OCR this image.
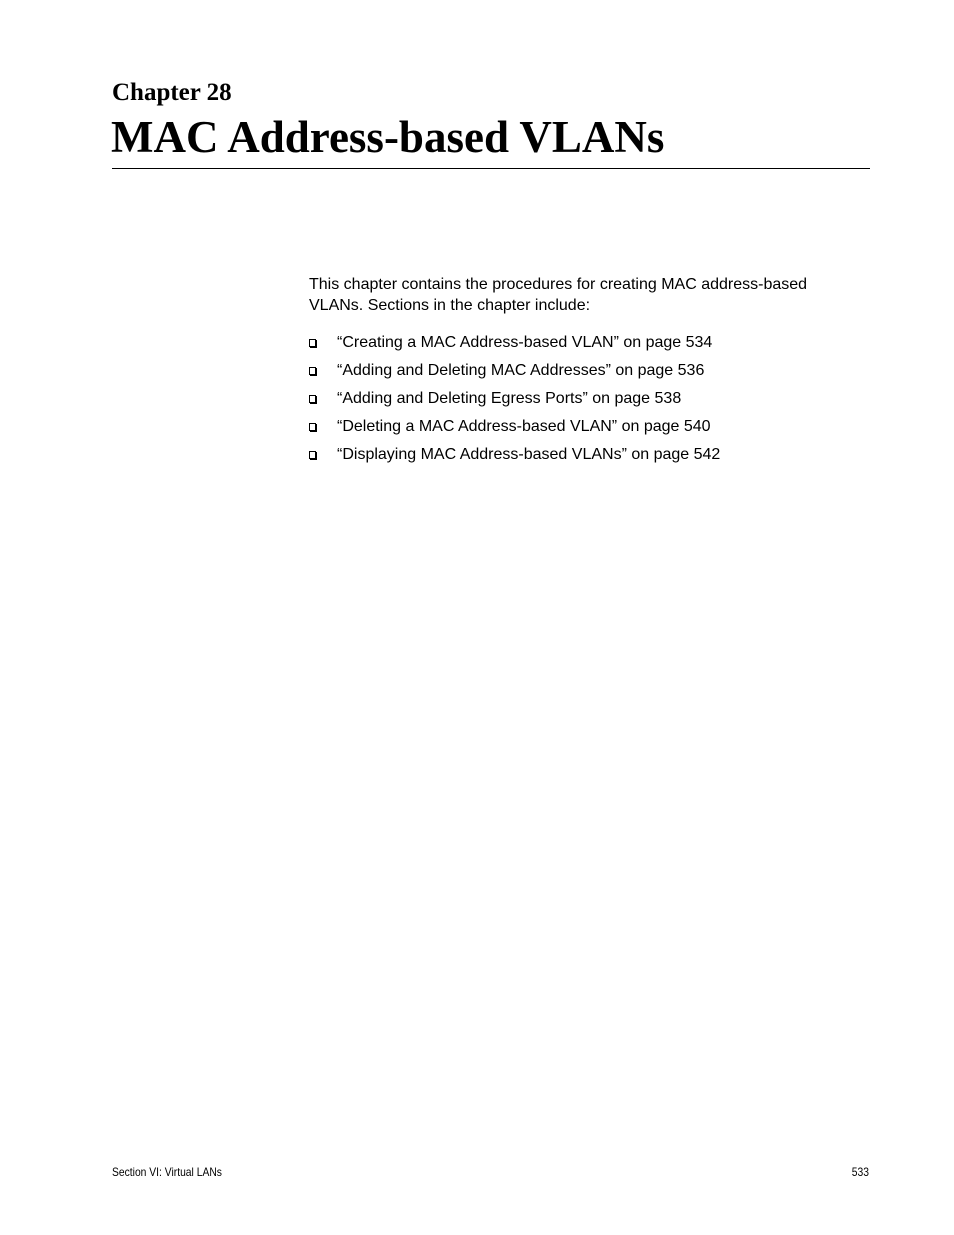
Chapter 28
MAC Address-based VLANs

This chapter contains the procedures for creating MAC address-based VLANs. Sections in the chapter include:

“Creating a MAC Address-based VLAN” on page 534
“Adding and Deleting MAC Addresses” on page 536
“Adding and Deleting Egress Ports” on page 538
“Deleting a MAC Address-based VLAN” on page 540
“Displaying MAC Address-based VLANs” on page 542
Section VI: Virtual LANs	533
